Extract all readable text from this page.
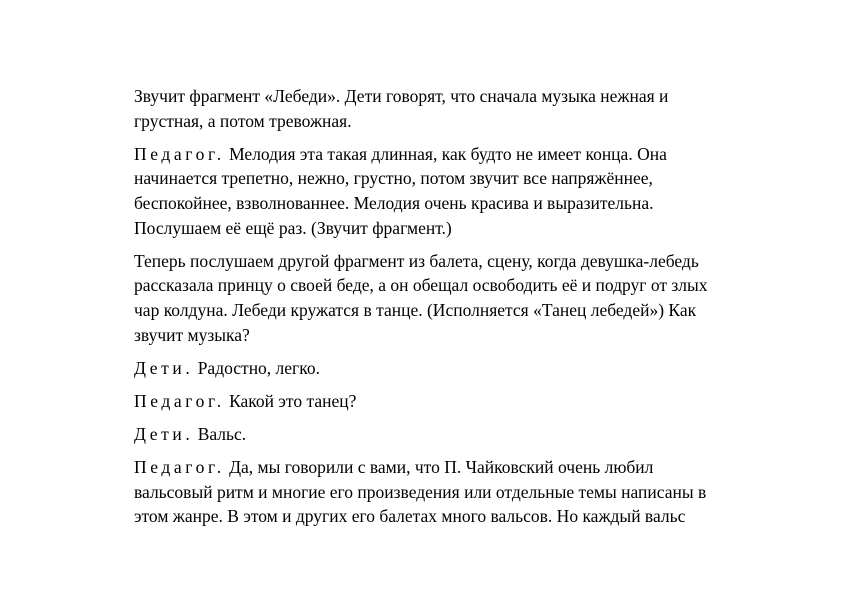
Звучит фрагмент «Лебеди». Дети говорят, что сначала музыка нежная и
грустная, а потом тревожная.

Педагог. Мелодия эта такая длинная, как будто не имеет конца. Она
начинается трепетно, нежно, грустно, потом звучит все напряжённее,
беспокойнее, взволнованнее. Мелодия очень красива и выразительна.
Послушаем её ещё раз. (Звучит фрагмент.)

Теперь послушаем другой фрагмент из балета, сцену, когда девушка-лебедь
рассказала принцу о своей беде, а он обещал освободить её и подруг от злых
чар колдуна. Лебеди кружатся в танце. (Исполняется «Танец лебедей») Как
звучит музыка?

Дети. Радостно, легко.

Педагог. Какой это танец?

Дети. Вальс.

Педагог. Да, мы говорили с вами, что П. Чайковский очень любил
вальсовый ритм и многие его произведения или отдельные темы написаны в
этом жанре. В этом и других его балетах много вальсов. Но каждый вальс
